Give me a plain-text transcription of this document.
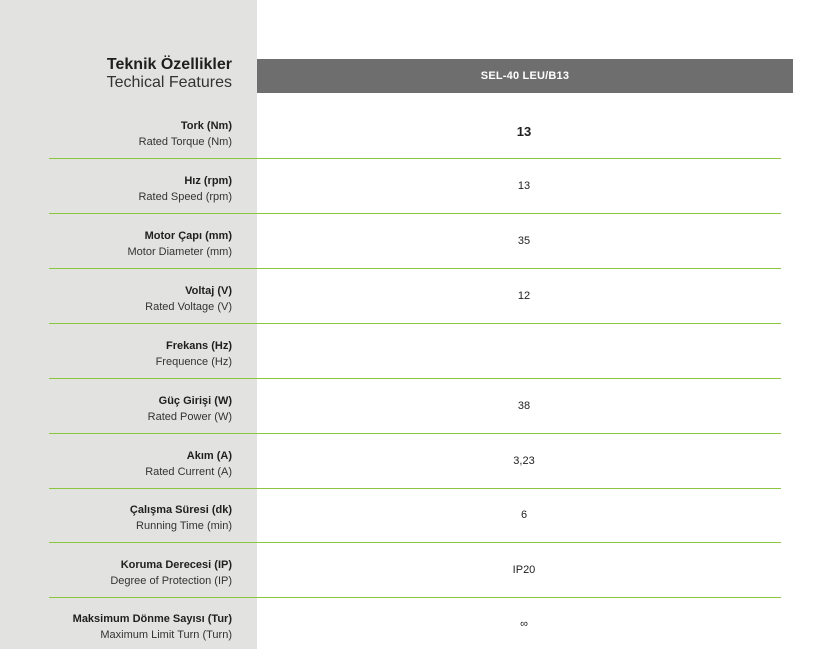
Teknik Özellikler
Techical Features	SEL-40 LEU/B13
Tork (Nm)
Rated Torque (Nm)
13
Hız (rpm)
Rated Speed (rpm)
13
Motor Çapı (mm)
Motor Diameter (mm)
35
Voltaj (V)
Rated Voltage (V)
12
Frekans (Hz)
Frequence (Hz)
Güç Girişi (W)
Rated Power (W)
38
Akım (A)
Rated Current (A)
3,23
Çalışma Süresi (dk)
Running Time (min)
6
Koruma Derecesi (IP)
Degree of Protection (IP)
IP20
Maksimum Dönme Sayısı (Tur)
Maximum Limit Turn (Turn)
∞
